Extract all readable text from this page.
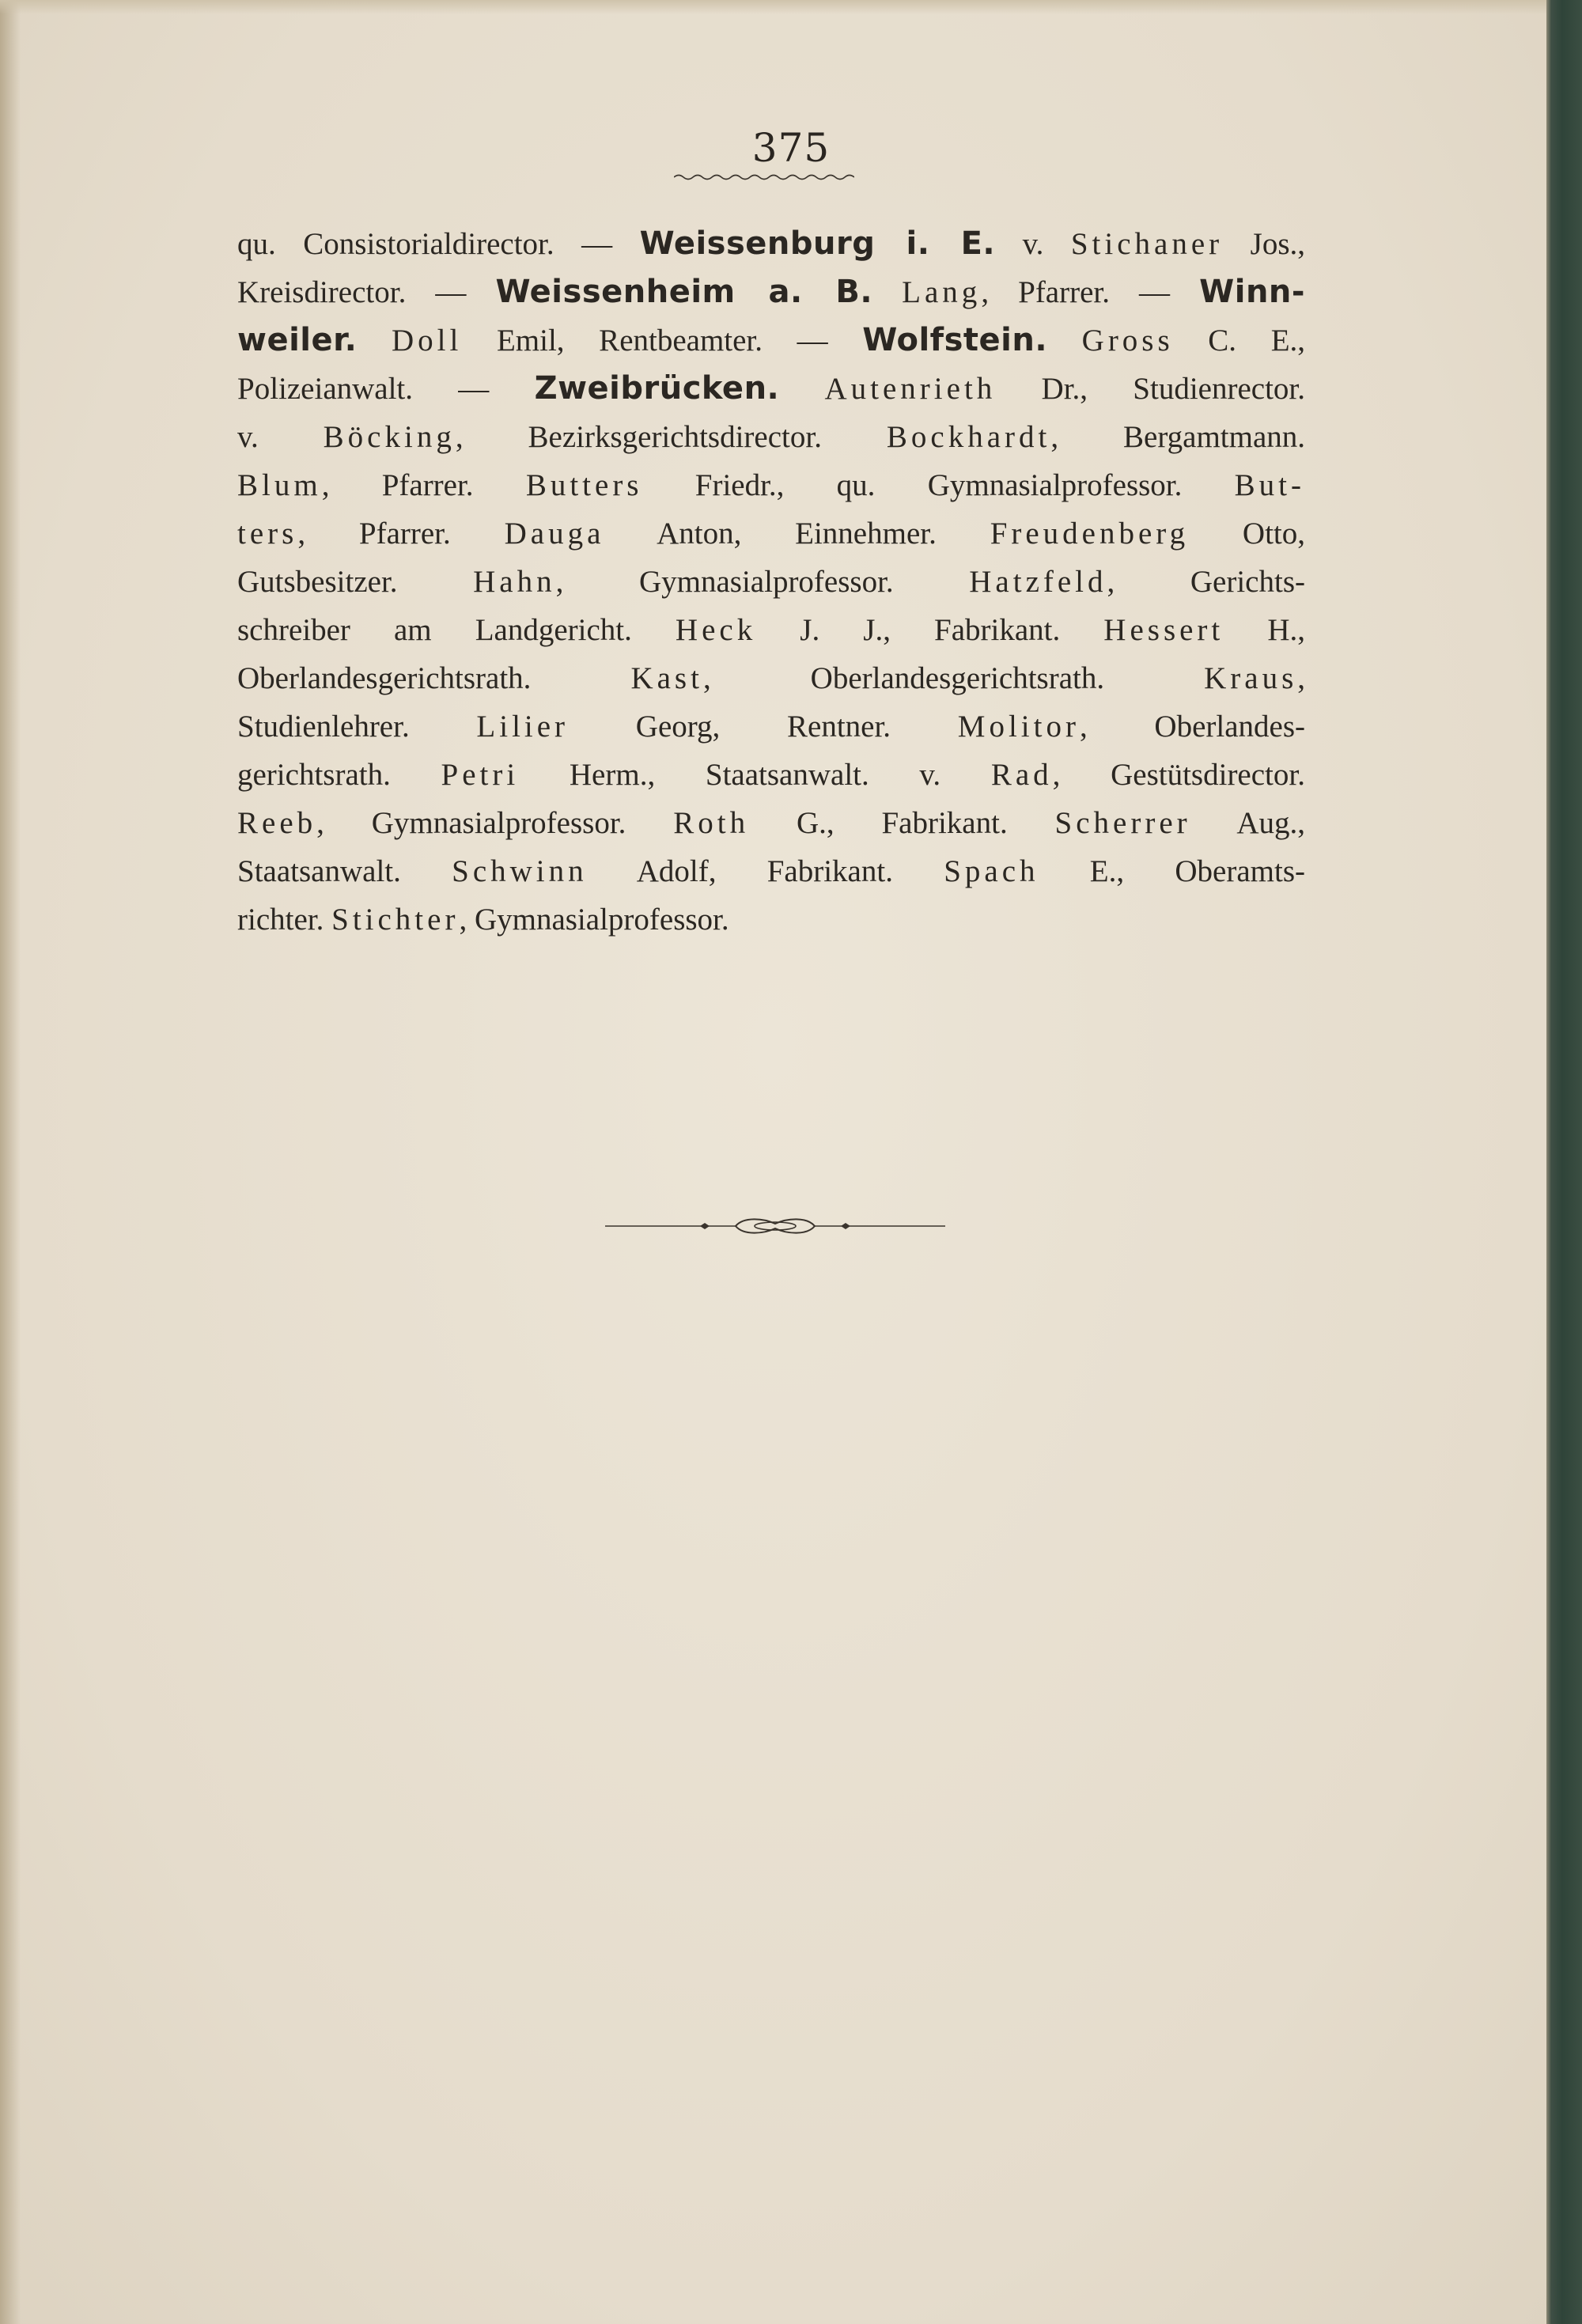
375
qu. Consistorialdirector. — Weissenburg i. E. v. Stichaner Jos.,
Kreisdirector. — Weissenheim a. B. Lang, Pfarrer. — Winn-
weiler. Doll Emil, Rentbeamter. — Wolfstein. Gross C. E.,
Polizeianwalt. — Zweibrücken. Autenrieth Dr., Studienrector.
v. Böcking, Bezirksgerichtsdirector. Bockhardt, Bergamtmann.
Blum, Pfarrer. Butters Friedr., qu. Gymnasialprofessor. But-
ters, Pfarrer. Dauga Anton, Einnehmer. Freudenberg Otto,
Gutsbesitzer. Hahn, Gymnasialprofessor. Hatzfeld, Gerichts-
schreiber am Landgericht. Heck J. J., Fabrikant. Hessert H.,
Oberlandesgerichtsrath. Kast, Oberlandesgerichtsrath. Kraus,
Studienlehrer. Lilier Georg, Rentner. Molitor, Oberlandes-
gerichtsrath. Petri Herm., Staatsanwalt. v. Rad, Gestütsdirector.
Reeb, Gymnasialprofessor. Roth G., Fabrikant. Scherrer Aug.,
Staatsanwalt. Schwinn Adolf, Fabrikant. Spach E., Oberamts-
richter. Stichter, Gymnasialprofessor.
